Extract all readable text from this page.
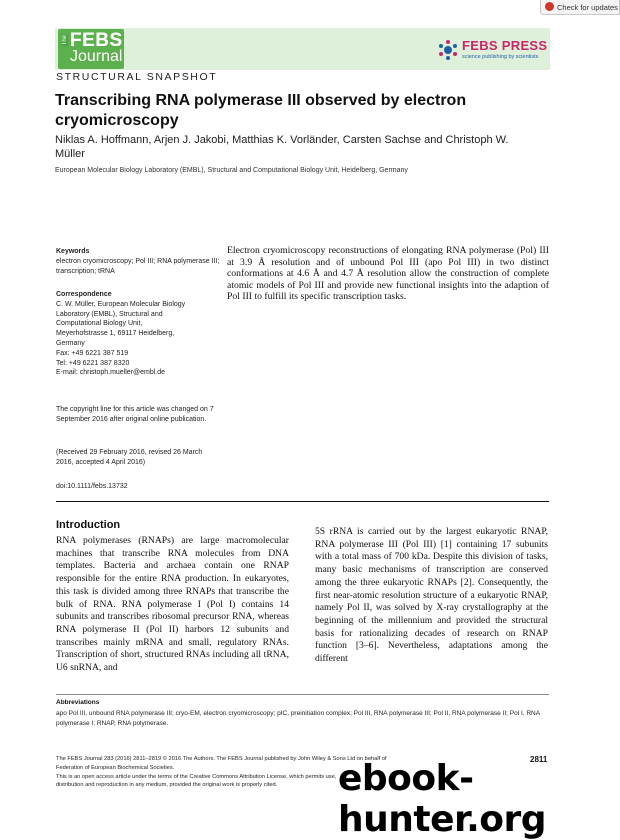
Check for updates
The FEBS
Journal
FEBS PRESS
science publishing by scientists
STRUCTURAL SNAPSHOT
Transcribing RNA polymerase III observed by electron cryomicroscopy

Niklas A. Hoffmann, Arjen J. Jakobi, Matthias K. Vorländer, Carsten Sachse and Christoph W. Müller

European Molecular Biology Laboratory (EMBL), Structural and Computational Biology Unit, Heidelberg, Germany

Keywords

electron cryomicroscopy; Pol III; RNA polymerase III; transcription; tRNA

Correspondence

C. W. Müller, European Molecular Biology

Laboratory (EMBL), Structural and

Computational Biology Unit,

Meyerhofstrasse 1, 69117 Heidelberg,

Germany

Fax: +49 6221 387 519

Tel: +49 6221 387 8320

E-mail: christoph.mueller@embl.de

The copyright line for this article was changed on 7 September 2016 after original online publication.

(Received 29 February 2016, revised 26 March 2016, accepted 4 April 2016)

doi:10.1111/febs.13732

Electron cryomicroscopy reconstructions of elongating RNA polymerase (Pol) III at 3.9 Å resolution and of unbound Pol III (apo Pol III) in two distinct conformations at 4.6 Å and 4.7 Å resolution allow the construction of complete atomic models of Pol III and provide new functional insights into the adaption of Pol III to fulfill its specific transcription tasks.

Introduction

RNA polymerases (RNAPs) are large macromolecular machines that transcribe RNA molecules from DNA templates. Bacteria and archaea contain one RNAP responsible for the entire RNA production. In eukaryotes, this task is divided among three RNAPs that transcribe the bulk of RNA. RNA polymerase I (Pol I) contains 14 subunits and transcribes ribosomal precursor RNA, whereas RNA polymerase II (Pol II) harbors 12 subunits and transcribes mainly mRNA and small, regulatory RNAs. Transcription of short, structured RNAs including all tRNA, U6 snRNA, and

5S rRNA is carried out by the largest eukaryotic RNAP, RNA polymerase III (Pol III) [1] containing 17 subunits with a total mass of 700 kDa. Despite this division of tasks, many basic mechanisms of transcription are conserved among the three eukaryotic RNAPs [2]. Consequently, the first near-atomic resolution structure of a eukaryotic RNAP, namely Pol II, was solved by X-ray crystallography at the beginning of the millennium and provided the structural basis for rationalizing decades of research on RNAP function [3–6]. Nevertheless, adaptations among the different

Abbreviations

apo Pol III, unbound RNA polymerase III; cryo-EM, electron cryomicroscopy; pIC, preinitiation complex; Pol III, RNA polymerase III; Pol II, RNA polymerase II; Pol I, RNA polymerase I; RNAP, RNA polymerase.

The FEBS Journal 283 (2016) 2811–2819 © 2016 The Authors. The FEBS Journal published by John Wiley & Sons Ltd on behalf of
Federation of European Biochemical Societies.
This is an open access article under the terms of the Creative Commons Attribution License, which permits use,
distribution and reproduction in any medium, provided the original work is properly cited.
2811
ebook-hunter.org
